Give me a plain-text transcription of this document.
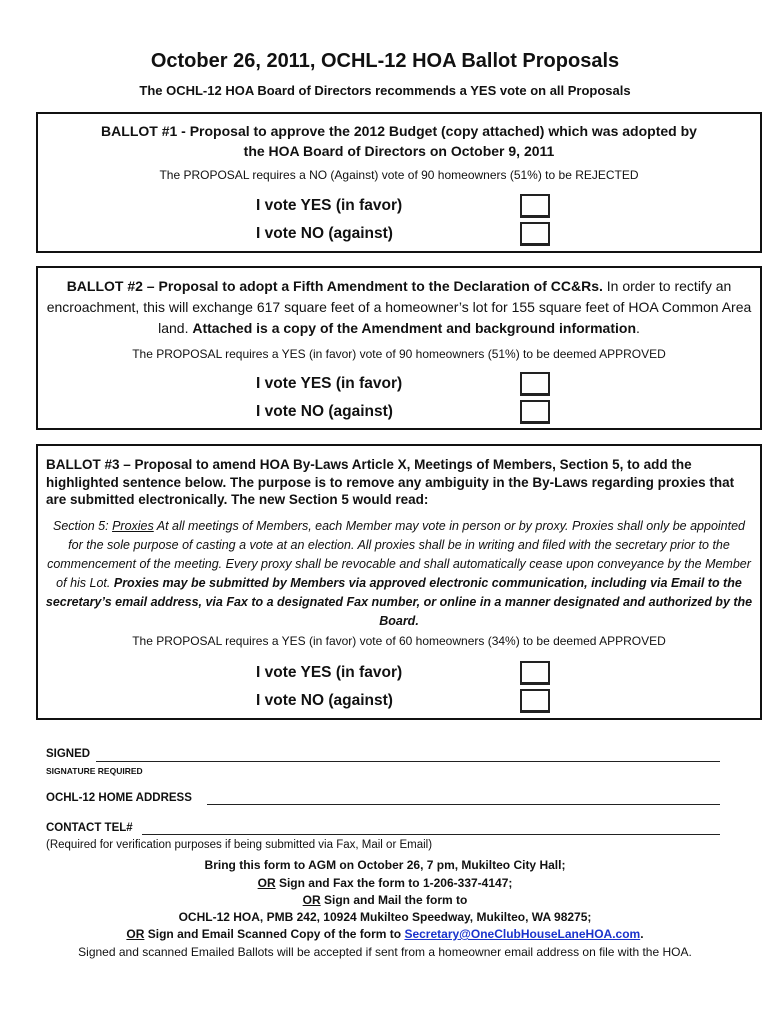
October 26, 2011, OCHL-12 HOA Ballot Proposals
The OCHL-12 HOA Board of Directors recommends a YES vote on all Proposals
BALLOT #1 - Proposal to approve the 2012 Budget (copy attached) which was adopted by
the HOA Board of Directors on October 9, 2011
The PROPOSAL requires a NO (Against) vote of 90 homeowners (51%) to be REJECTED
I vote YES (in favor)
I vote NO (against)
BALLOT #2 – Proposal to adopt a Fifth Amendment to the Declaration of CC&Rs. In order to rectify an encroachment, this will exchange 617 square feet of a homeowner’s lot for 155 square feet of HOA Common Area land. Attached is a copy of the Amendment and background information.
The PROPOSAL requires a YES (in favor) vote of 90 homeowners (51%) to be deemed APPROVED
I vote YES (in favor)
I vote NO (against)
BALLOT #3 – Proposal to amend HOA By-Laws Article X, Meetings of Members, Section 5, to add the highlighted sentence below. The purpose is to remove any ambiguity in the By-Laws regarding proxies that are submitted electronically. The new Section 5 would read:
Section 5: Proxies At all meetings of Members, each Member may vote in person or by proxy. Proxies shall only be appointed for the sole purpose of casting a vote at an election. All proxies shall be in writing and filed with the secretary prior to the commencement of the meeting. Every proxy shall be revocable and shall automatically cease upon conveyance by the Member of his Lot. Proxies may be submitted by Members via approved electronic communication, including via Email to the secretary’s email address, via Fax to a designated Fax number, or online in a manner designated and authorized by the Board.
The PROPOSAL requires a YES (in favor) vote of 60 homeowners (34%) to be deemed APPROVED
I vote YES (in favor)
I vote NO (against)
SIGNED
SIGNATURE REQUIRED
OCHL-12 HOME ADDRESS
CONTACT TEL#
(Required for verification purposes if being submitted via Fax, Mail or Email)
Bring this form to AGM on October 26, 7 pm, Mukilteo City Hall;
OR Sign and Fax the form to 1-206-337-4147;
OR Sign and Mail the form to
OCHL-12 HOA, PMB 242, 10924 Mukilteo Speedway, Mukilteo, WA 98275;
OR Sign and Email Scanned Copy of the form to Secretary@OneClubHouseLaneHOA.com.
Signed and scanned Emailed Ballots will be accepted if sent from a homeowner email address on file with the HOA.
